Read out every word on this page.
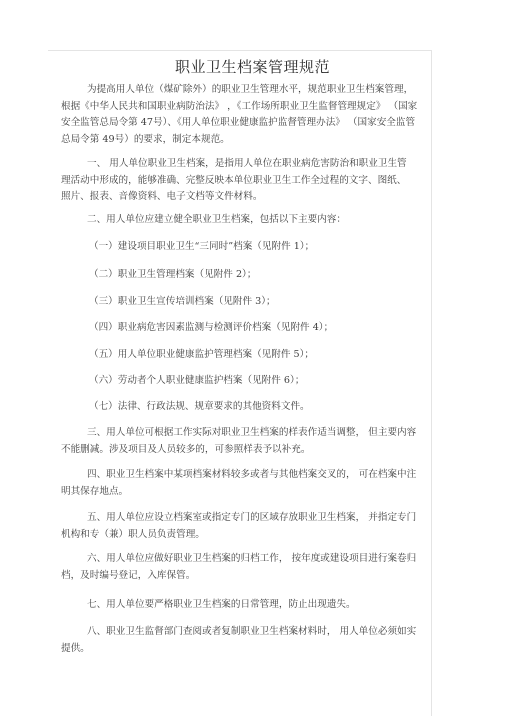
职业卫生档案管理规范
为提高用人单位（煤矿除外）的职业卫生管理水平，规范职业卫生档案管理，
根据《中华人民共和国职业病防治法》 ，《工作场所职业卫生监督管理规定》 （国家
安全监管总局令第 47号）、《用人单位职业健康监护监督管理办法》 （国家安全监管
总局令第 49号）的要求，制定本规范。
一、 用人单位职业卫生档案，是指用人单位在职业病危害防治和职业卫生管
理活动中形成的，能够准确、完整反映本单位职业卫生工作全过程的文字、图纸、
照片、报表、音像资料、电子文档等文件材料。
二、用人单位应建立健全职业卫生档案，包括以下主要内容：
（一）建设项目职业卫生“三同时”档案（见附件 1）；
（二）职业卫生管理档案（见附件 2）；
（三）职业卫生宣传培训档案（见附件 3）；
（四）职业病危害因素监测与检测评价档案（见附件 4）；
（五）用人单位职业健康监护管理档案（见附件 5）；
（六）劳动者个人职业健康监护档案（见附件 6）；
（七）法律、行政法规、规章要求的其他资料文件。
三、用人单位可根据工作实际对职业卫生档案的样表作适当调整， 但主要内容
不能删减。涉及项目及人员较多的，可参照样表予以补充。
四、职业卫生档案中某项档案材料较多或者与其他档案交叉的， 可在档案中注
明其保存地点。
五、用人单位应设立档案室或指定专门的区域存放职业卫生档案， 并指定专门
机构和专（兼）职人员负责管理。
六、用人单位应做好职业卫生档案的归档工作， 按年度或建设项目进行案卷归
档，及时编号登记，入库保管。
七、用人单位要严格职业卫生档案的日常管理，防止出现遗失。
八、职业卫生监督部门查阅或者复制职业卫生档案材料时， 用人单位必须如实
提供。
